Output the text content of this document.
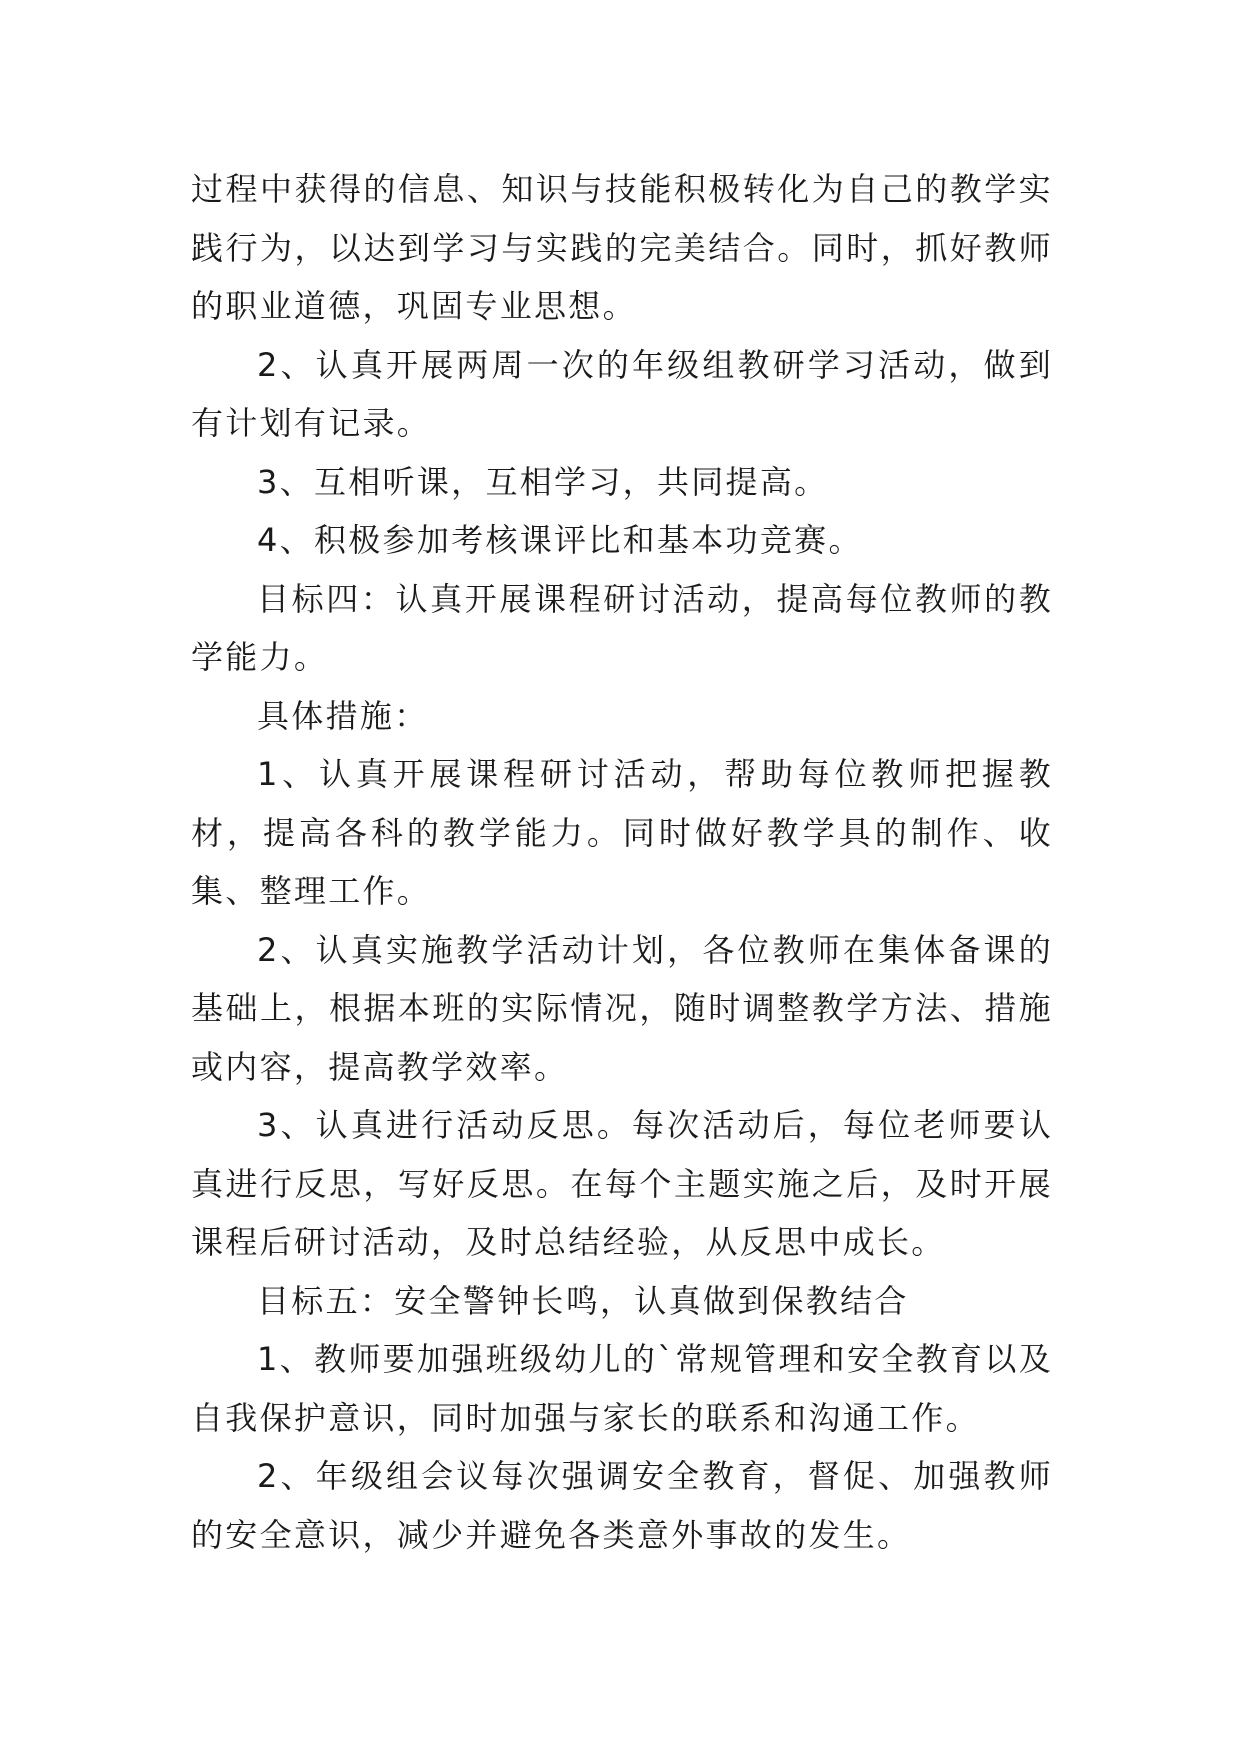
过程中获得的信息、知识与技能积极转化为自己的教学实践行为，以达到学习与实践的完美结合。同时，抓好教师的职业道德，巩固专业思想。

2、认真开展两周一次的年级组教研学习活动，做到有计划有记录。

3、互相听课，互相学习，共同提高。

4、积极参加考核课评比和基本功竞赛。

目标四：认真开展课程研讨活动，提高每位教师的教学能力。

具体措施：

1、认真开展课程研讨活动，帮助每位教师把握教材，提高各科的教学能力。同时做好教学具的制作、收集、整理工作。

2、认真实施教学活动计划，各位教师在集体备课的基础上，根据本班的实际情况，随时调整教学方法、措施或内容，提高教学效率。

3、认真进行活动反思。每次活动后，每位老师要认真进行反思，写好反思。在每个主题实施之后，及时开展课程后研讨活动，及时总结经验，从反思中成长。

目标五：安全警钟长鸣，认真做到保教结合

1、教师要加强班级幼儿的`常规管理和安全教育以及自我保护意识，同时加强与家长的联系和沟通工作。

2、年级组会议每次强调安全教育，督促、加强教师的安全意识，减少并避免各类意外事故的发生。
